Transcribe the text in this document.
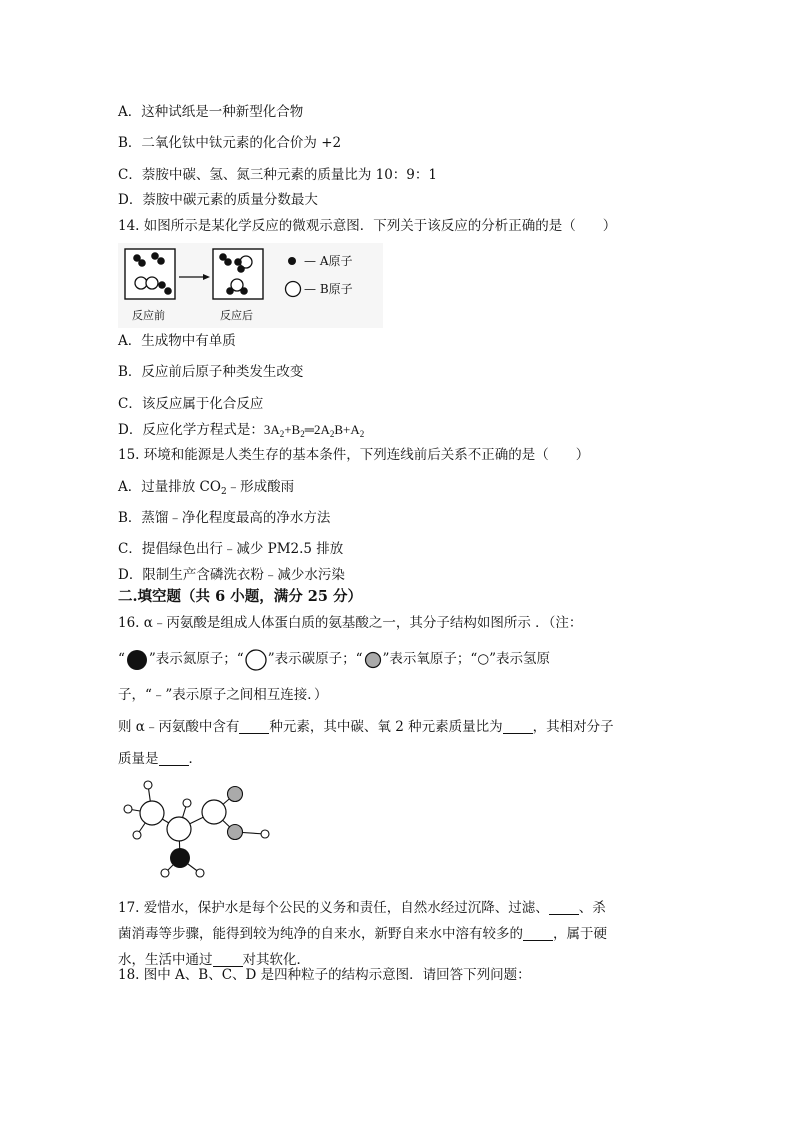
A．这种试纸是一种新型化合物
B．二氧化钛中钛元素的化合价为 +2
C．萘胺中碳、氢、氮三种元素的质量比为 10：9：1
D．萘胺中碳元素的质量分数最大
14. 如图所示是某化学反应的微观示意图．下列关于该反应的分析正确的是（　　）
反应前	反应后
— A原子
— B原子
A．生成物中有单质
B．反应前后原子种类发生改变
C．该反应属于化合反应
D．反应化学方程式是：$3A_2+B_2═2A_2B+A_2$
15. 环境和能源是人类生存的基本条件，下列连线前后关系不正确的是（　　）
A．过量排放 $CO_2﹣$形成酸雨
B．蒸馏﹣净化程度最高的净水方法
C．提倡绿色出行﹣减少 PM2.5 排放
D．限制生产含磷洗衣粉﹣减少水污染
二.填空题（共 6 小题，满分 25 分）
16. α﹣丙氨酸是组成人体蛋白质的氨基酸之一，其分子结构如图所示 ．（注：
“ ”表示氮原子；“ ”表示碳原子；“ ”表示氧原子；“○”表示氢原
子，“﹣”表示原子之间相互连接．）
则 α﹣丙氨酸中含有 种元素，其中碳、氧 2 种元素质量比为 ，其相对分子
质量是 ．
17. 爱惜水，保护水是每个公民的义务和责任，自然水经过沉降、过滤、 、杀
菌消毒等步骤，能得到较为纯净的自来水，新野自来水中溶有较多的 ，属于硬
水，生活中通过 对其软化．
18. 图中 A、B、C、D 是四种粒子的结构示意图．请回答下列问题：
